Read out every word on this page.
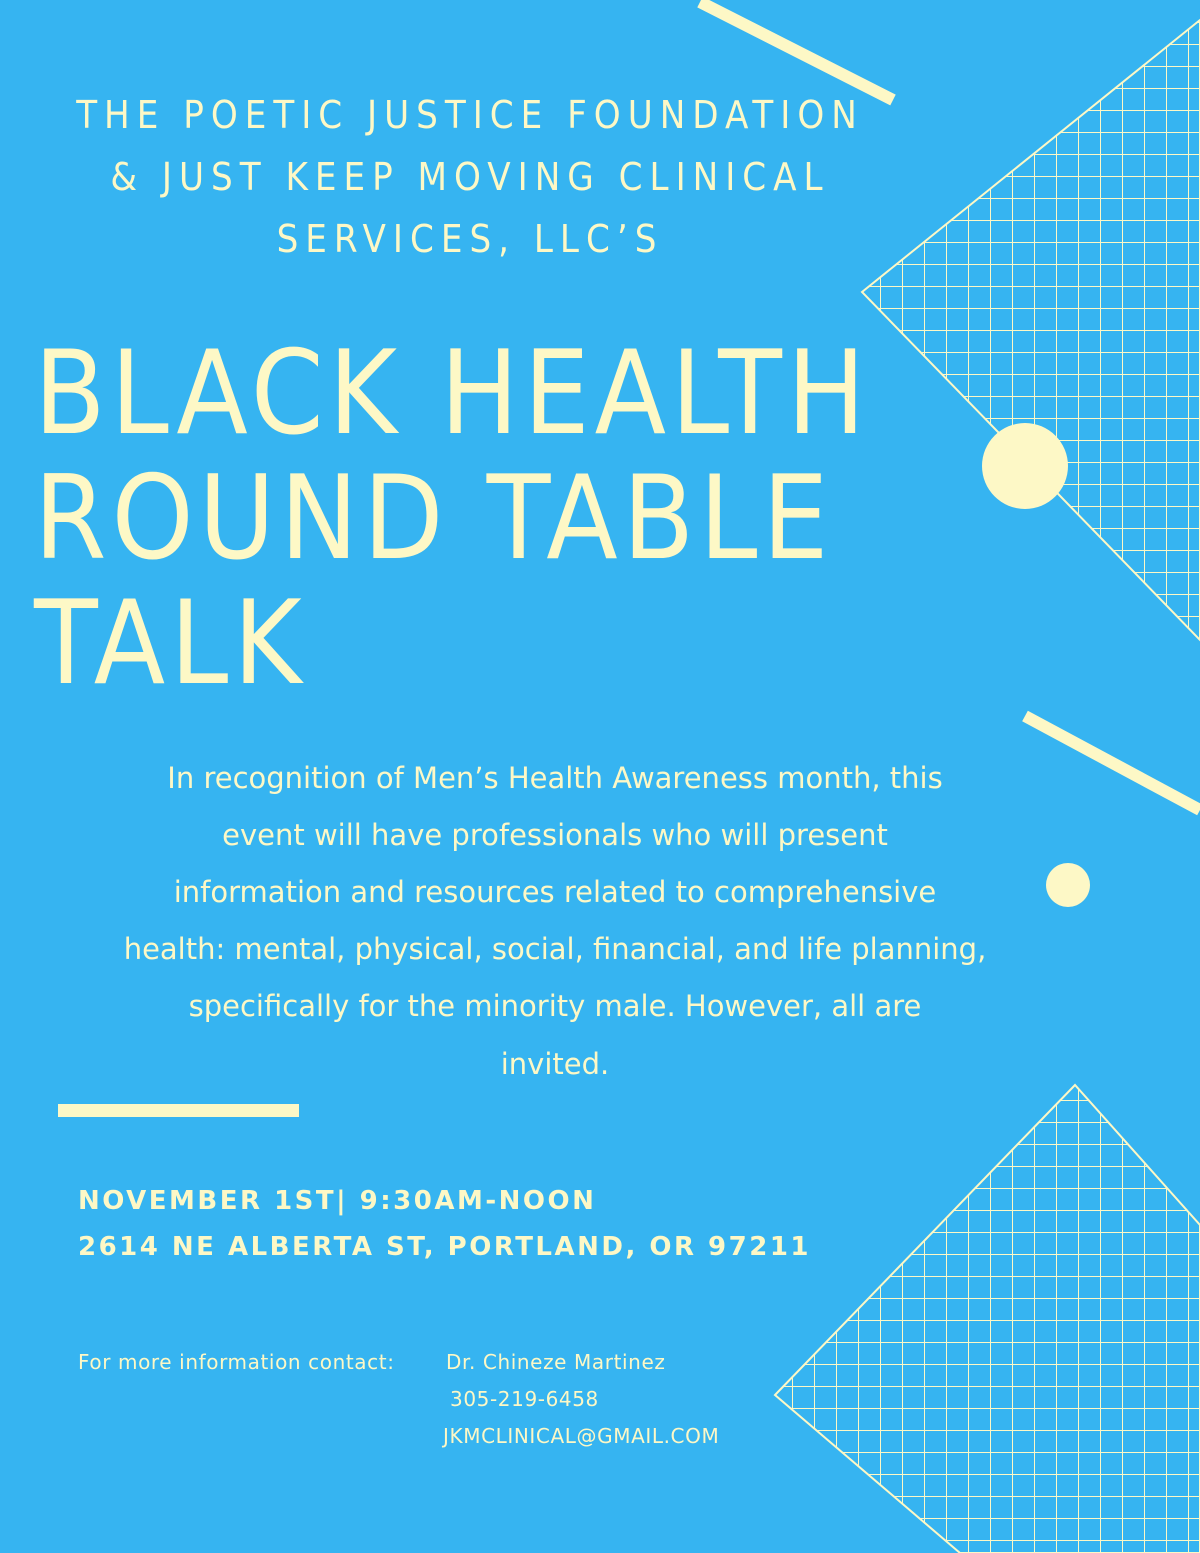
THE POETIC JUSTICE FOUNDATION
& JUST KEEP MOVING CLINICAL
SERVICES, LLC’S
BLACK HEALTH
ROUND TABLE
TALK
In recognition of Men’s Health Awareness month, this
event will have professionals who will present
information and resources related to comprehensive
health: mental, physical, social, financial, and life planning,
specifically for the minority male. However, all are
invited.
NOVEMBER 1ST| 9:30AM-NOON
2614 NE ALBERTA ST, PORTLAND, OR 97211
For more information contact:	Dr. Chineze Martinez
305-219-6458
JKMCLINICAL@GMAIL.COM
